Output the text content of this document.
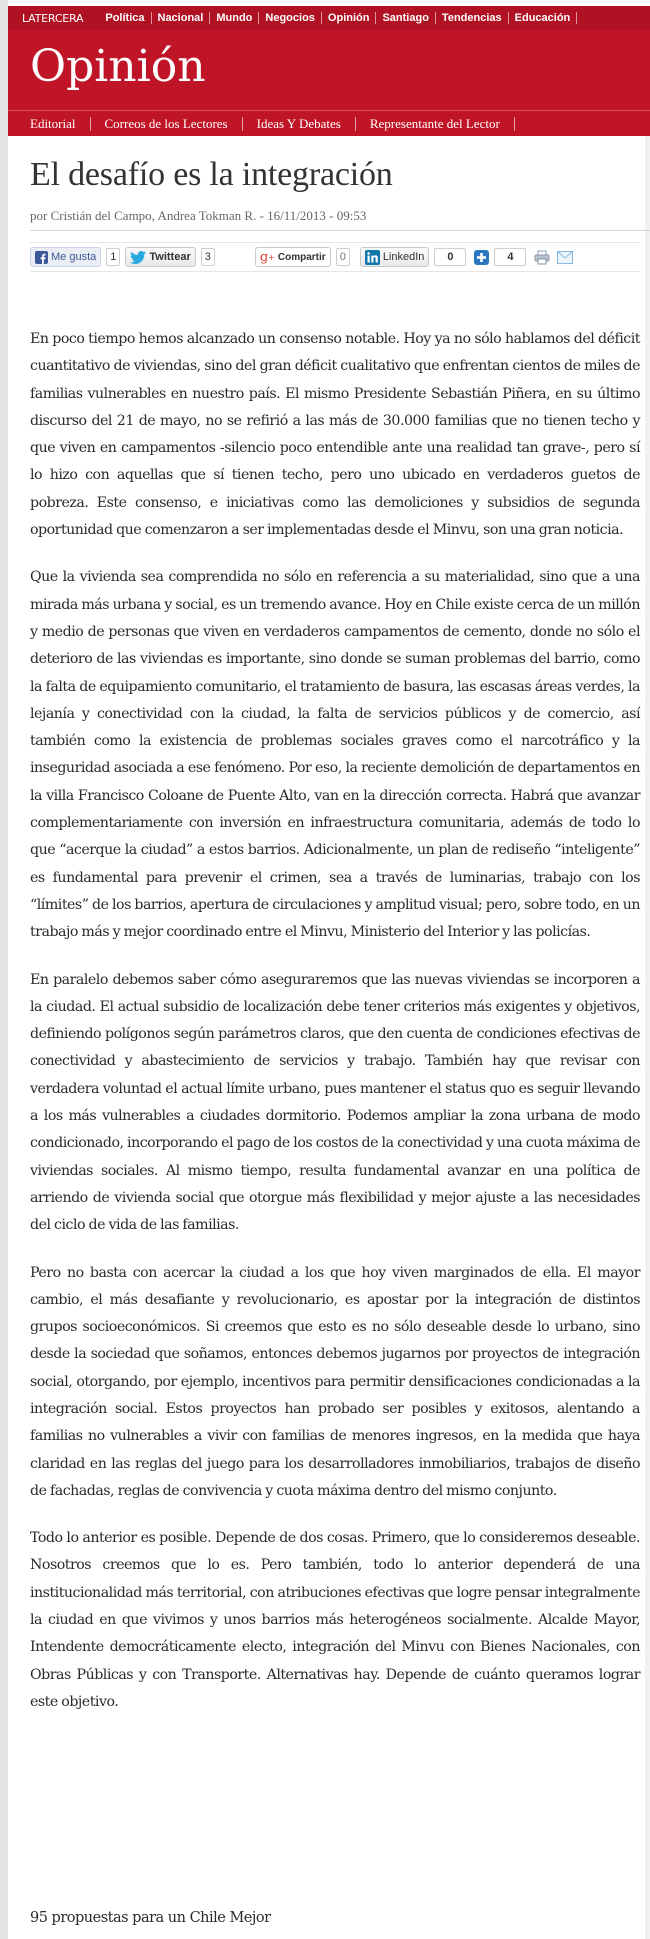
LATERCERA	Política	Nacional	Mundo	Negocios	Opinión	Santiago	Tendencias	Educación
Opinión
Editorial	Correos de los Lectores	Ideas Y Debates	Representante del Lector
El desafío es la integración
por Cristián del Campo, Andrea Tokman R. - 16/11/2013 - 09:53
Me gusta	1	Twittear	3	g + Compartir	0	LinkedIn	0	4

En poco tiempo hemos alcanzado un consenso notable. Hoy ya no sólo hablamos del déficit cuantitativo de viviendas, sino del gran déficit cualitativo que enfrentan cientos de miles de familias vulnerables en nuestro país. El mismo Presidente Sebastián Piñera, en su último discurso del 21 de mayo, no se refirió a las más de 30.000 familias que no tienen techo y que viven en campamentos -silencio poco entendible ante una realidad tan grave-, pero sí lo hizo con aquellas que sí tienen techo, pero uno ubicado en verdaderos guetos de pobreza. Este consenso, e iniciativas como las demoliciones y subsidios de segunda oportunidad que comenzaron a ser implementadas desde el Minvu, son una gran noticia.

Que la vivienda sea comprendida no sólo en referencia a su materialidad, sino que a una mirada más urbana y social, es un tremendo avance. Hoy en Chile existe cerca de un millón y medio de personas que viven en verdaderos campamentos de cemento, donde no sólo el deterioro de las viviendas es importante, sino donde se suman problemas del barrio, como la falta de equipamiento comunitario, el tratamiento de basura, las escasas áreas verdes, la lejanía y conectividad con la ciudad, la falta de servicios públicos y de comercio, así también como la existencia de problemas sociales graves como el narcotráfico y la inseguridad asociada a ese fenómeno. Por eso, la reciente demolición de departamentos en la villa Francisco Coloane de Puente Alto, van en la dirección correcta. Habrá que avanzar complementariamente con inversión en infraestructura comunitaria, además de todo lo que “acerque la ciudad” a estos barrios. Adicionalmente, un plan de rediseño “inteligente” es fundamental para prevenir el crimen, sea a través de luminarias, trabajo con los “límites” de los barrios, apertura de circulaciones y amplitud visual; pero, sobre todo, en un trabajo más y mejor coordinado entre el Minvu, Ministerio del Interior y las policías.

En paralelo debemos saber cómo aseguraremos que las nuevas viviendas se incorporen a la ciudad. El actual subsidio de localización debe tener criterios más exigentes y objetivos, definiendo polígonos según parámetros claros, que den cuenta de condiciones efectivas de conectividad y abastecimiento de servicios y trabajo. También hay que revisar con verdadera voluntad el actual límite urbano, pues mantener el status quo es seguir llevando a los más vulnerables a ciudades dormitorio. Podemos ampliar la zona urbana de modo condicionado, incorporando el pago de los costos de la conectividad y una cuota máxima de viviendas sociales. Al mismo tiempo, resulta fundamental avanzar en una política de arriendo de vivienda social que otorgue más flexibilidad y mejor ajuste a las necesidades del ciclo de vida de las familias.

Pero no basta con acercar la ciudad a los que hoy viven marginados de ella. El mayor cambio, el más desafiante y revolucionario, es apostar por la integración de distintos grupos socioeconómicos. Si creemos que esto es no sólo deseable desde lo urbano, sino desde la sociedad que soñamos, entonces debemos jugarnos por proyectos de integración social, otorgando, por ejemplo, incentivos para permitir densificaciones condicionadas a la integración social. Estos proyectos han probado ser posibles y exitosos, alentando a familias no vulnerables a vivir con familias de menores ingresos, en la medida que haya claridad en las reglas del juego para los desarrolladores inmobiliarios, trabajos de diseño de fachadas, reglas de convivencia y cuota máxima dentro del mismo conjunto.

Todo lo anterior es posible. Depende de dos cosas. Primero, que lo consideremos deseable. Nosotros creemos que lo es. Pero también, todo lo anterior dependerá de una institucionalidad más territorial, con atribuciones efectivas que logre pensar integralmente la ciudad en que vivimos y unos barrios más heterogéneos socialmente. Alcalde Mayor, Intendente democráticamente electo, integración del Minvu con Bienes Nacionales, con Obras Públicas y con Transporte. Alternativas hay. Depende de cuánto queramos lograr este objetivo.

95 propuestas para un Chile Mejor
